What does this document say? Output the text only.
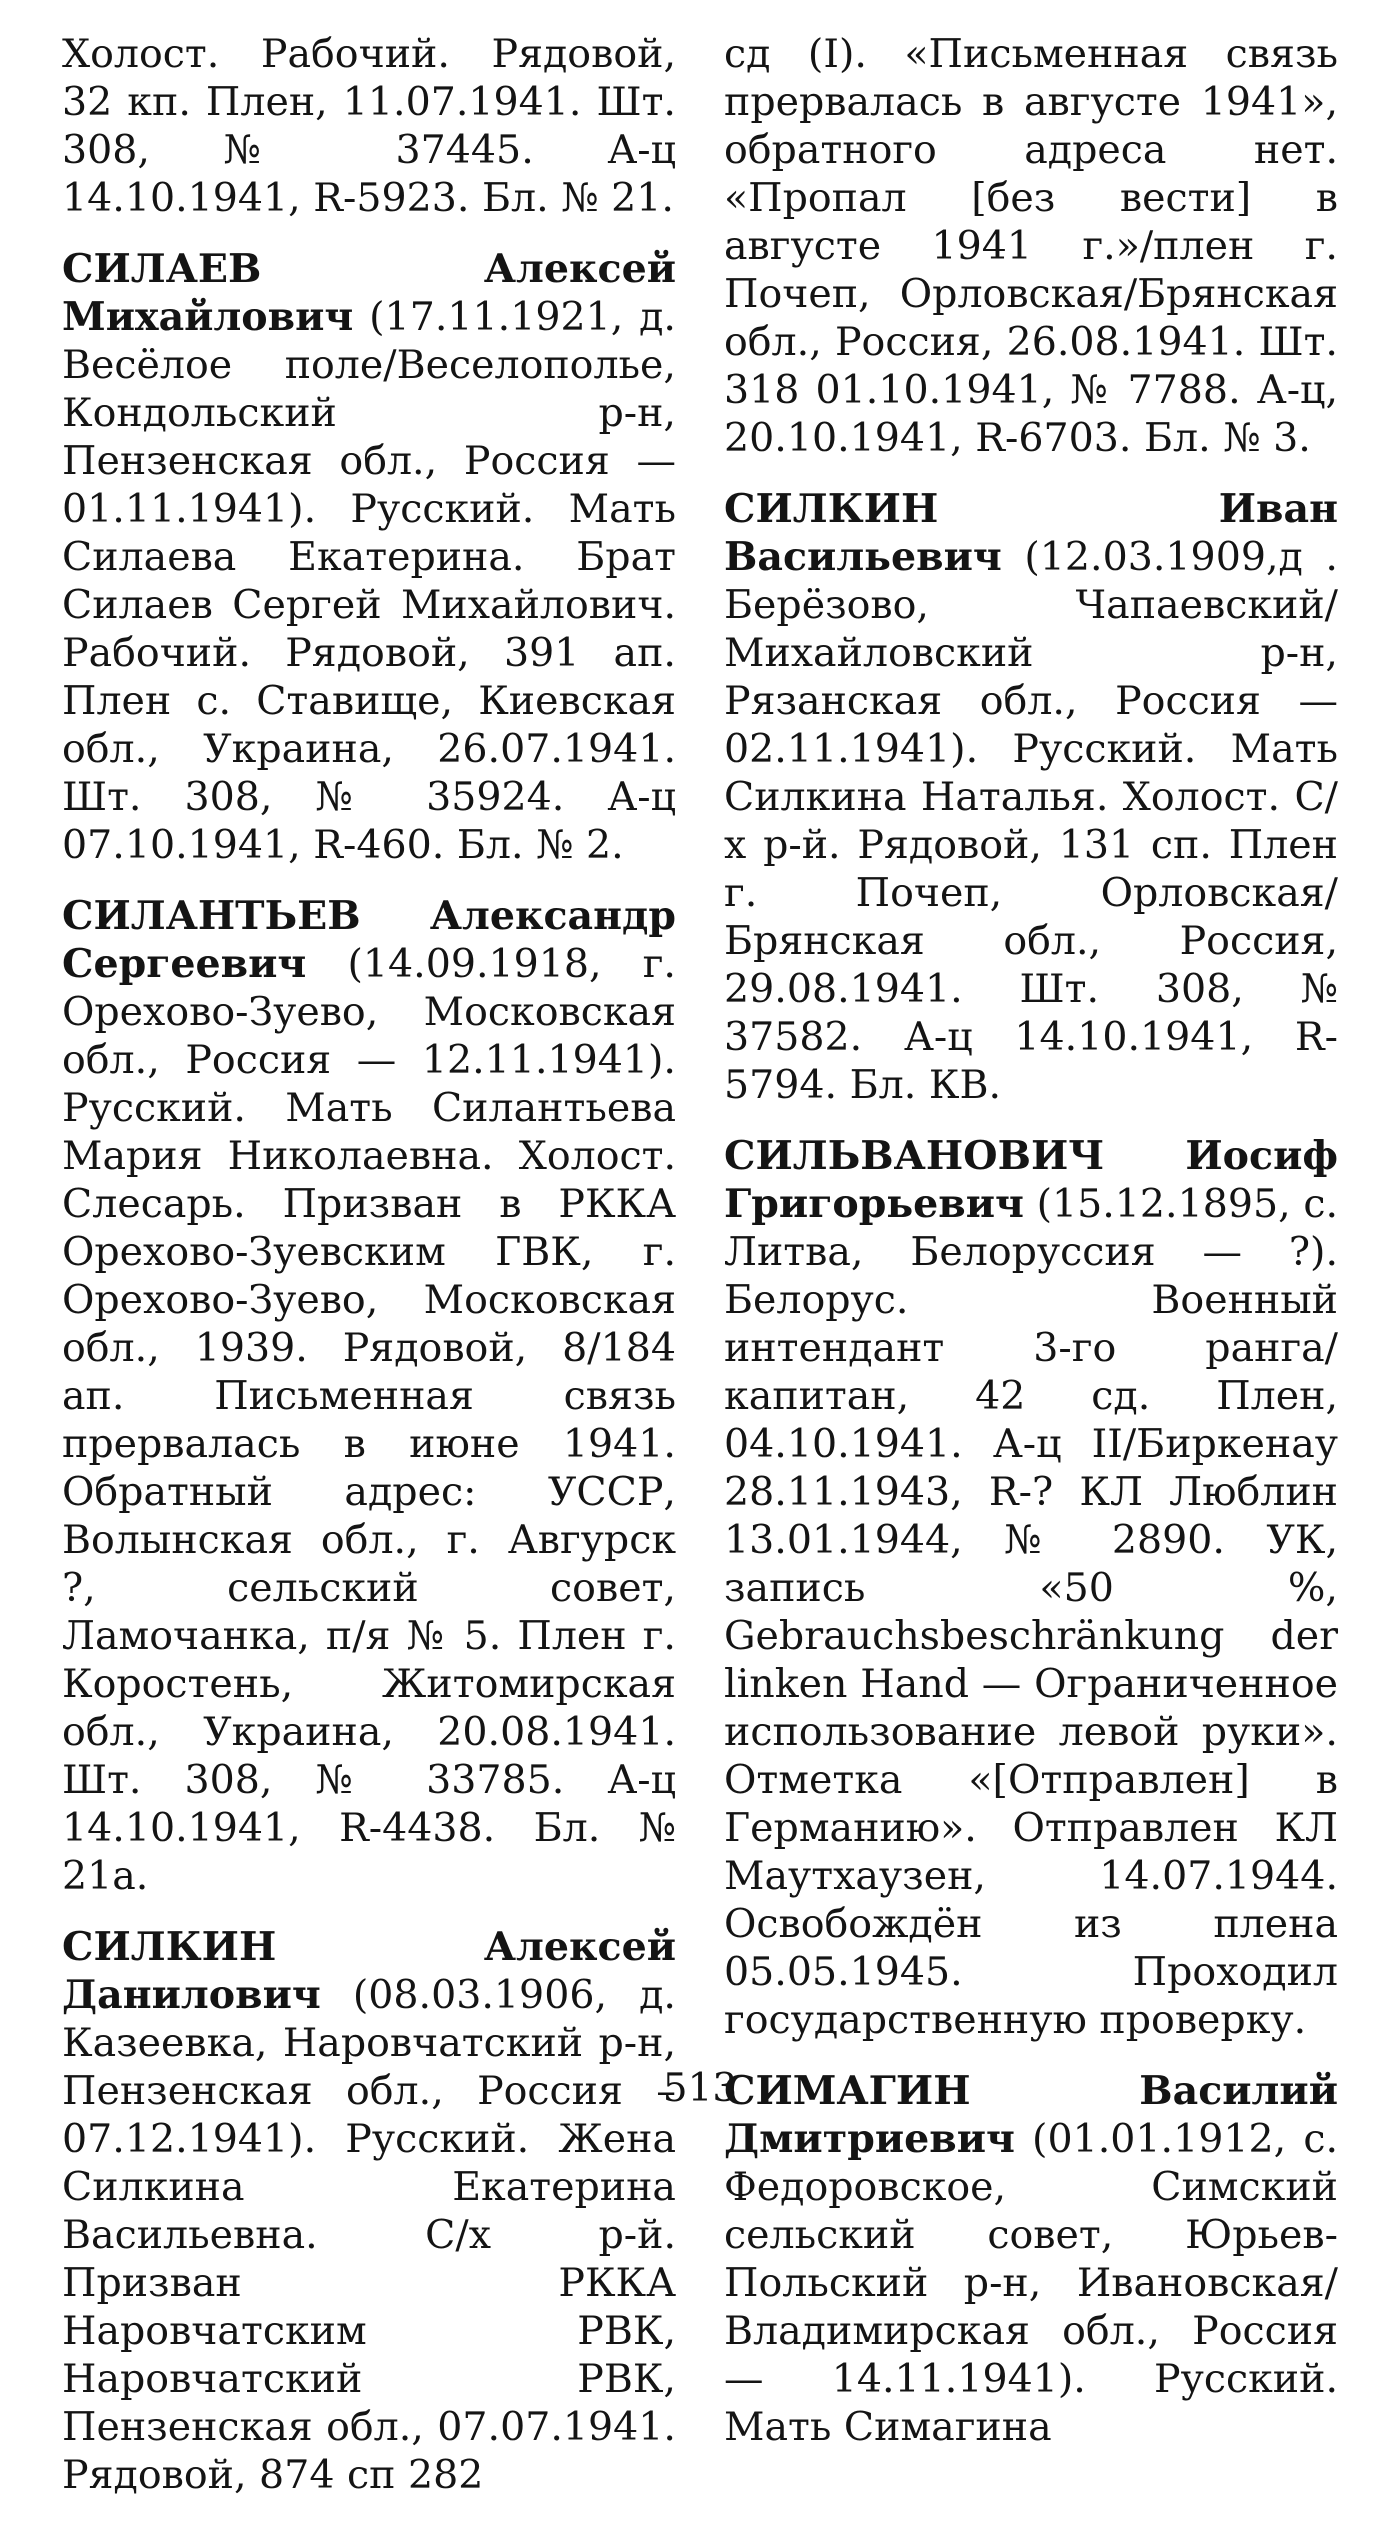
Холост. Рабочий. Рядовой, 32 кп. Плен, 11.07.1941. Шт. 308, № 37445. А-ц 14.10.1941, R-5923. Бл. № 21.
СИЛАЕВ Алексей Михайлович (17.11.1921, д. Весёлое поле/Веселополье, Кондольский р-н, Пензенская обл., Россия — 01.11.1941). Русский. Мать Силаева Екатерина. Брат Силаев Сергей Михайлович. Рабочий. Рядовой, 391 ап. Плен с. Ставище, Киевская обл., Украина, 26.07.1941. Шт. 308, № 35924. А-ц 07.10.1941, R-460. Бл. № 2.
СИЛАНТЬЕВ Александр Сергеевич (14.09.1918, г. Орехово-Зуево, Московская обл., Россия — 12.11.1941). Русский. Мать Силантьева Мария Николаевна. Холост. Слесарь. Призван в РККА Орехово-Зуевским ГВК, г. Орехово-Зуево, Московская обл., 1939. Рядовой, 8/184 ап. Письменная связь прервалась в июне 1941. Обратный адрес: УССР, Волынская обл., г. Авгурск ?, сельский совет, Ламочанка, п/я № 5. Плен г. Коростень, Житомирская обл., Украина, 20.08.1941. Шт. 308, № 33785. А-ц 14.10.1941, R-4438. Бл. № 21а.
СИЛКИН Алексей Данилович (08.03.1906, д. Казеевка, Наровчатский р-н, Пензенская обл., Россия – 07.12.1941). Русский. Жена Силкина Екатерина Васильевна. С/х р-й. Призван РККА Наровчатским РВК, Наровчатский РВК, Пензенская обл., 07.07.1941. Рядовой, 874 сп 282
сд (I). «Письменная связь прервалась в августе 1941», обратного адреса нет. «Пропал [без вести] в августе 1941 г.»/плен г. Почеп, Орловская/Брянская обл., Россия, 26.08.1941. Шт. 318 01.10.1941, № 7788. А-ц, 20.10.1941, R-6703. Бл. № 3.
СИЛКИН Иван Васильевич (12.03.1909,д . Берёзово, Чапаевский/Михайловский р-н, Рязанская обл., Россия — 02.11.1941). Русский. Мать Силкина Наталья. Холост. С/х р-й. Рядовой, 131 сп. Плен г. Почеп, Орловская/Брянская обл., Россия, 29.08.1941. Шт. 308, № 37582. А-ц 14.10.1941, R-5794. Бл. КВ.
СИЛЬВАНОВИЧ Иосиф Григорьевич (15.12.1895, с. Литва, Белоруссия — ?). Белорус. Военный интендант 3-го ранга/капитан, 42 сд. Плен, 04.10.1941. А-ц II/Биркенау 28.11.1943, R-? КЛ Люблин 13.01.1944, № 2890. УК, запись «50 %, Gebrauchsbeschränkung der linken Hand — Ограниченное использование левой руки». Отметка «[Отправлен] в Германию». Отправлен КЛ Маутхаузен, 14.07.1944. Освобождён из плена 05.05.1945. Проходил государственную проверку.
СИМАГИН Василий Дмитриевич (01.01.1912, с. Федоровское, Симский сельский совет, Юрьев-Польский р-н, Ивановская/Владимирская обл., Россия — 14.11.1941). Русский. Мать Симагина
513
